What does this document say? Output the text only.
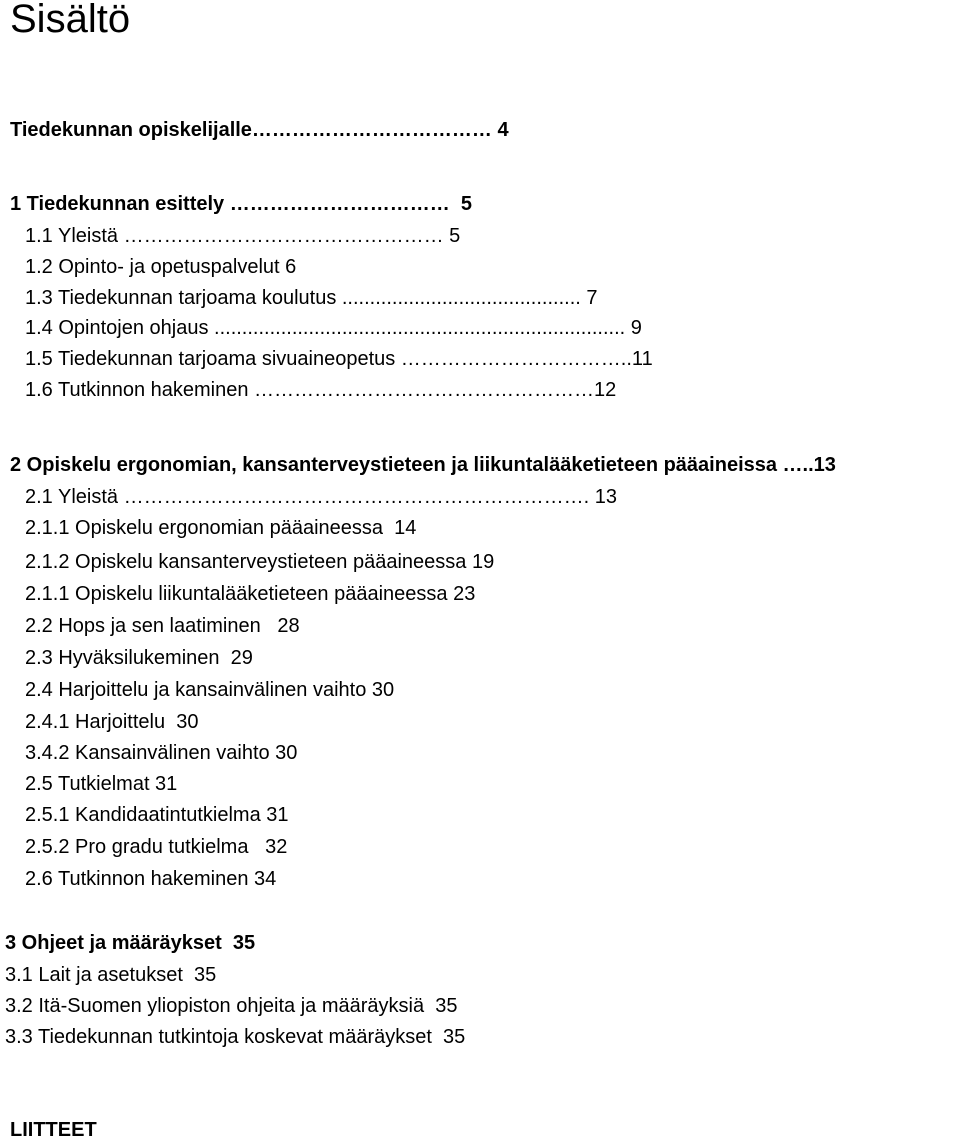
Sisältö

Tiedekunnan opiskelijalle……………………………… 4

1 Tiedekunnan esittely ……………………………  5

1.1 Yleistä ………………………………………… 5

1.2 Opinto- ja opetuspalvelut 6

1.3 Tiedekunnan tarjoama koulutus ........................................... 7

1.4 Opintojen ohjaus .......................................................................... 9

1.5 Tiedekunnan tarjoama sivuaineopetus ……………………………..11

1.6 Tutkinnon hakeminen ……………………………………………12

2 Opiskelu ergonomian, kansanterveystieteen ja liikuntalääketieteen pääaineissa …..13

2.1 Yleistä ……………………………………………………………. 13

2.1.1 Opiskelu ergonomian pääaineessa  14

2.1.2 Opiskelu kansanterveystieteen pääaineessa 19

2.1.1 Opiskelu liikuntalääketieteen pääaineessa 23

2.2 Hops ja sen laatiminen   28

2.3 Hyväksilukeminen  29

2.4 Harjoittelu ja kansainvälinen vaihto 30

2.4.1 Harjoittelu  30

3.4.2 Kansainvälinen vaihto 30

2.5 Tutkielmat 31

2.5.1 Kandidaatintutkielma 31

2.5.2 Pro gradu tutkielma   32

2.6 Tutkinnon hakeminen 34

3 Ohjeet ja määräykset  35

3.1 Lait ja asetukset  35

3.2 Itä-Suomen yliopiston ohjeita ja määräyksiä  35

3.3 Tiedekunnan tutkintoja koskevat määräykset  35

LIITTEET
